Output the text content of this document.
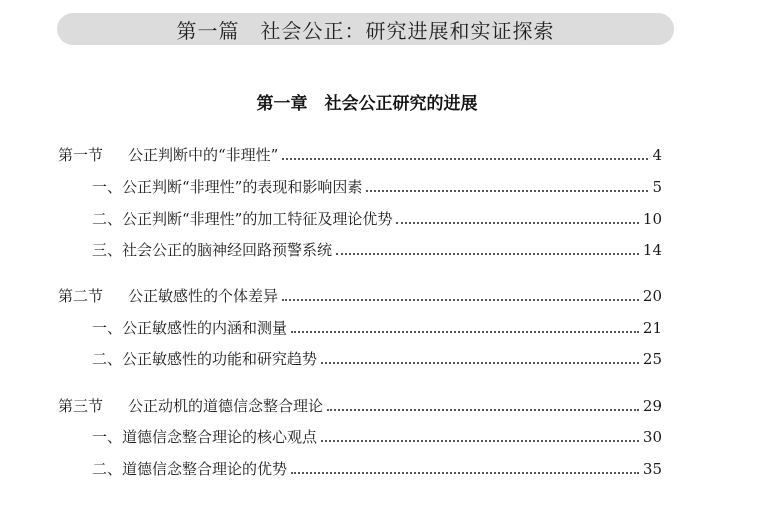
第一篇　社会公正：研究进展和实证探索
第一章　社会公正研究的进展
第一节	公正判断中的“非理性”	4
一、 公正判断“非理性”的表现和影响因素	5
二、 公正判断“非理性”的加工特征及理论优势	10
三、 社会公正的脑神经回路预警系统	14
第二节	公正敏感性的个体差异	20
一、 公正敏感性的内涵和测量	21
二、 公正敏感性的功能和研究趋势	25
第三节	公正动机的道德信念整合理论	29
一、 道德信念整合理论的核心观点	30
二、 道德信念整合理论的优势	35
